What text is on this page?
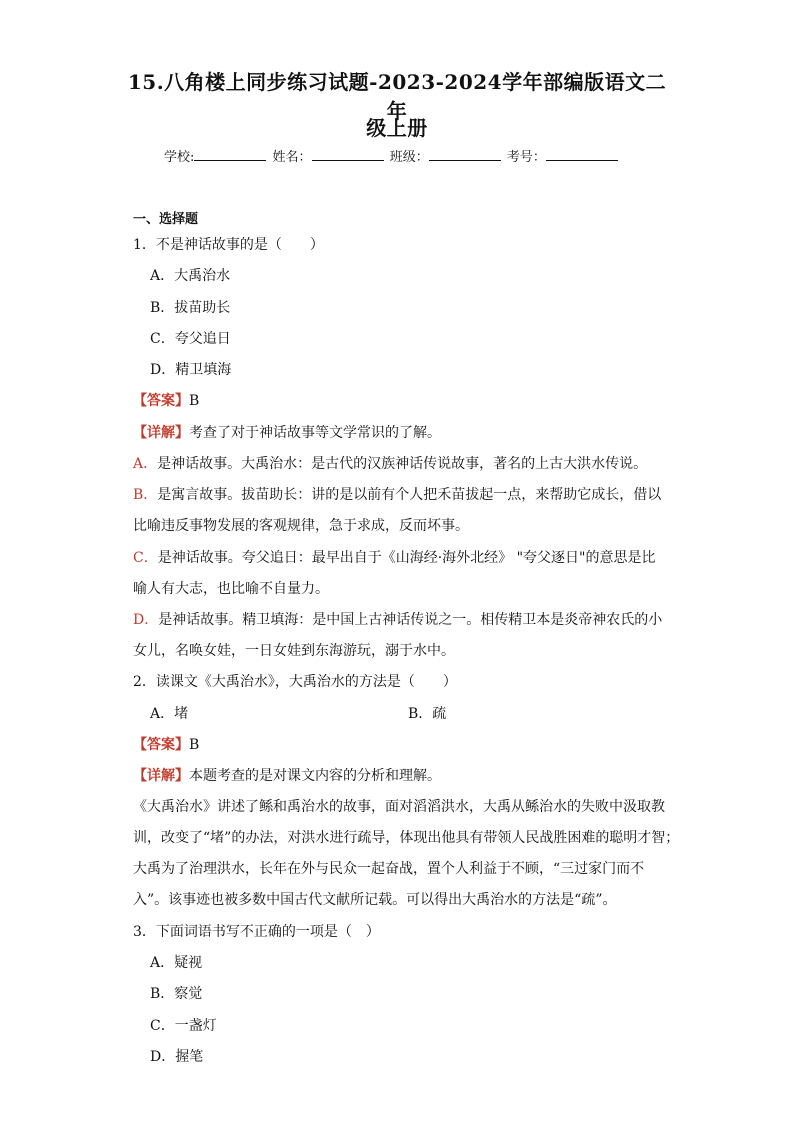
15.八角楼上同步练习试题-2023-2024学年部编版语文二年
级上册
学校:	姓名：	班级：	考号：
一、选择题
1．不是神话故事的是（　　）
A．大禹治水
B．拔苗助长
C．夸父追日
D．精卫填海
【答案】B
【详解】考查了对于神话故事等文学常识的了解。
A．是神话故事。大禹治水：是古代的汉族神话传说故事，著名的上古大洪水传说。
B．是寓言故事。拔苗助长：讲的是以前有个人把禾苗拔起一点，来帮助它成长，借以
比喻违反事物发展的客观规律，急于求成，反而坏事。
C．是神话故事。夸父追日：最早出自于《山海经·海外北经》 "夸父逐日"的意思是比
喻人有大志，也比喻不自量力。
D．是神话故事。精卫填海：是中国上古神话传说之一。相传精卫本是炎帝神农氏的小
女儿，名唤女娃，一日女娃到东海游玩，溺于水中。
2．读课文《大禹治水》，大禹治水的方法是（　　）
A．堵	B．疏
【答案】B
【详解】本题考查的是对课文内容的分析和理解。
《大禹治水》讲述了鲧和禹治水的故事，面对滔滔洪水，大禹从鲧治水的失败中汲取教
训，改变了“堵”的办法，对洪水进行疏导，体现出他具有带领人民战胜困难的聪明才智；
大禹为了治理洪水，长年在外与民众一起奋战，置个人利益于不顾，“三过家门而不
入”。该事迹也被多数中国古代文献所记载。可以得出大禹治水的方法是“疏”。
3．下面词语书写不正确的一项是（　）
A．疑视
B．察觉
C．一盏灯
D．握笔
